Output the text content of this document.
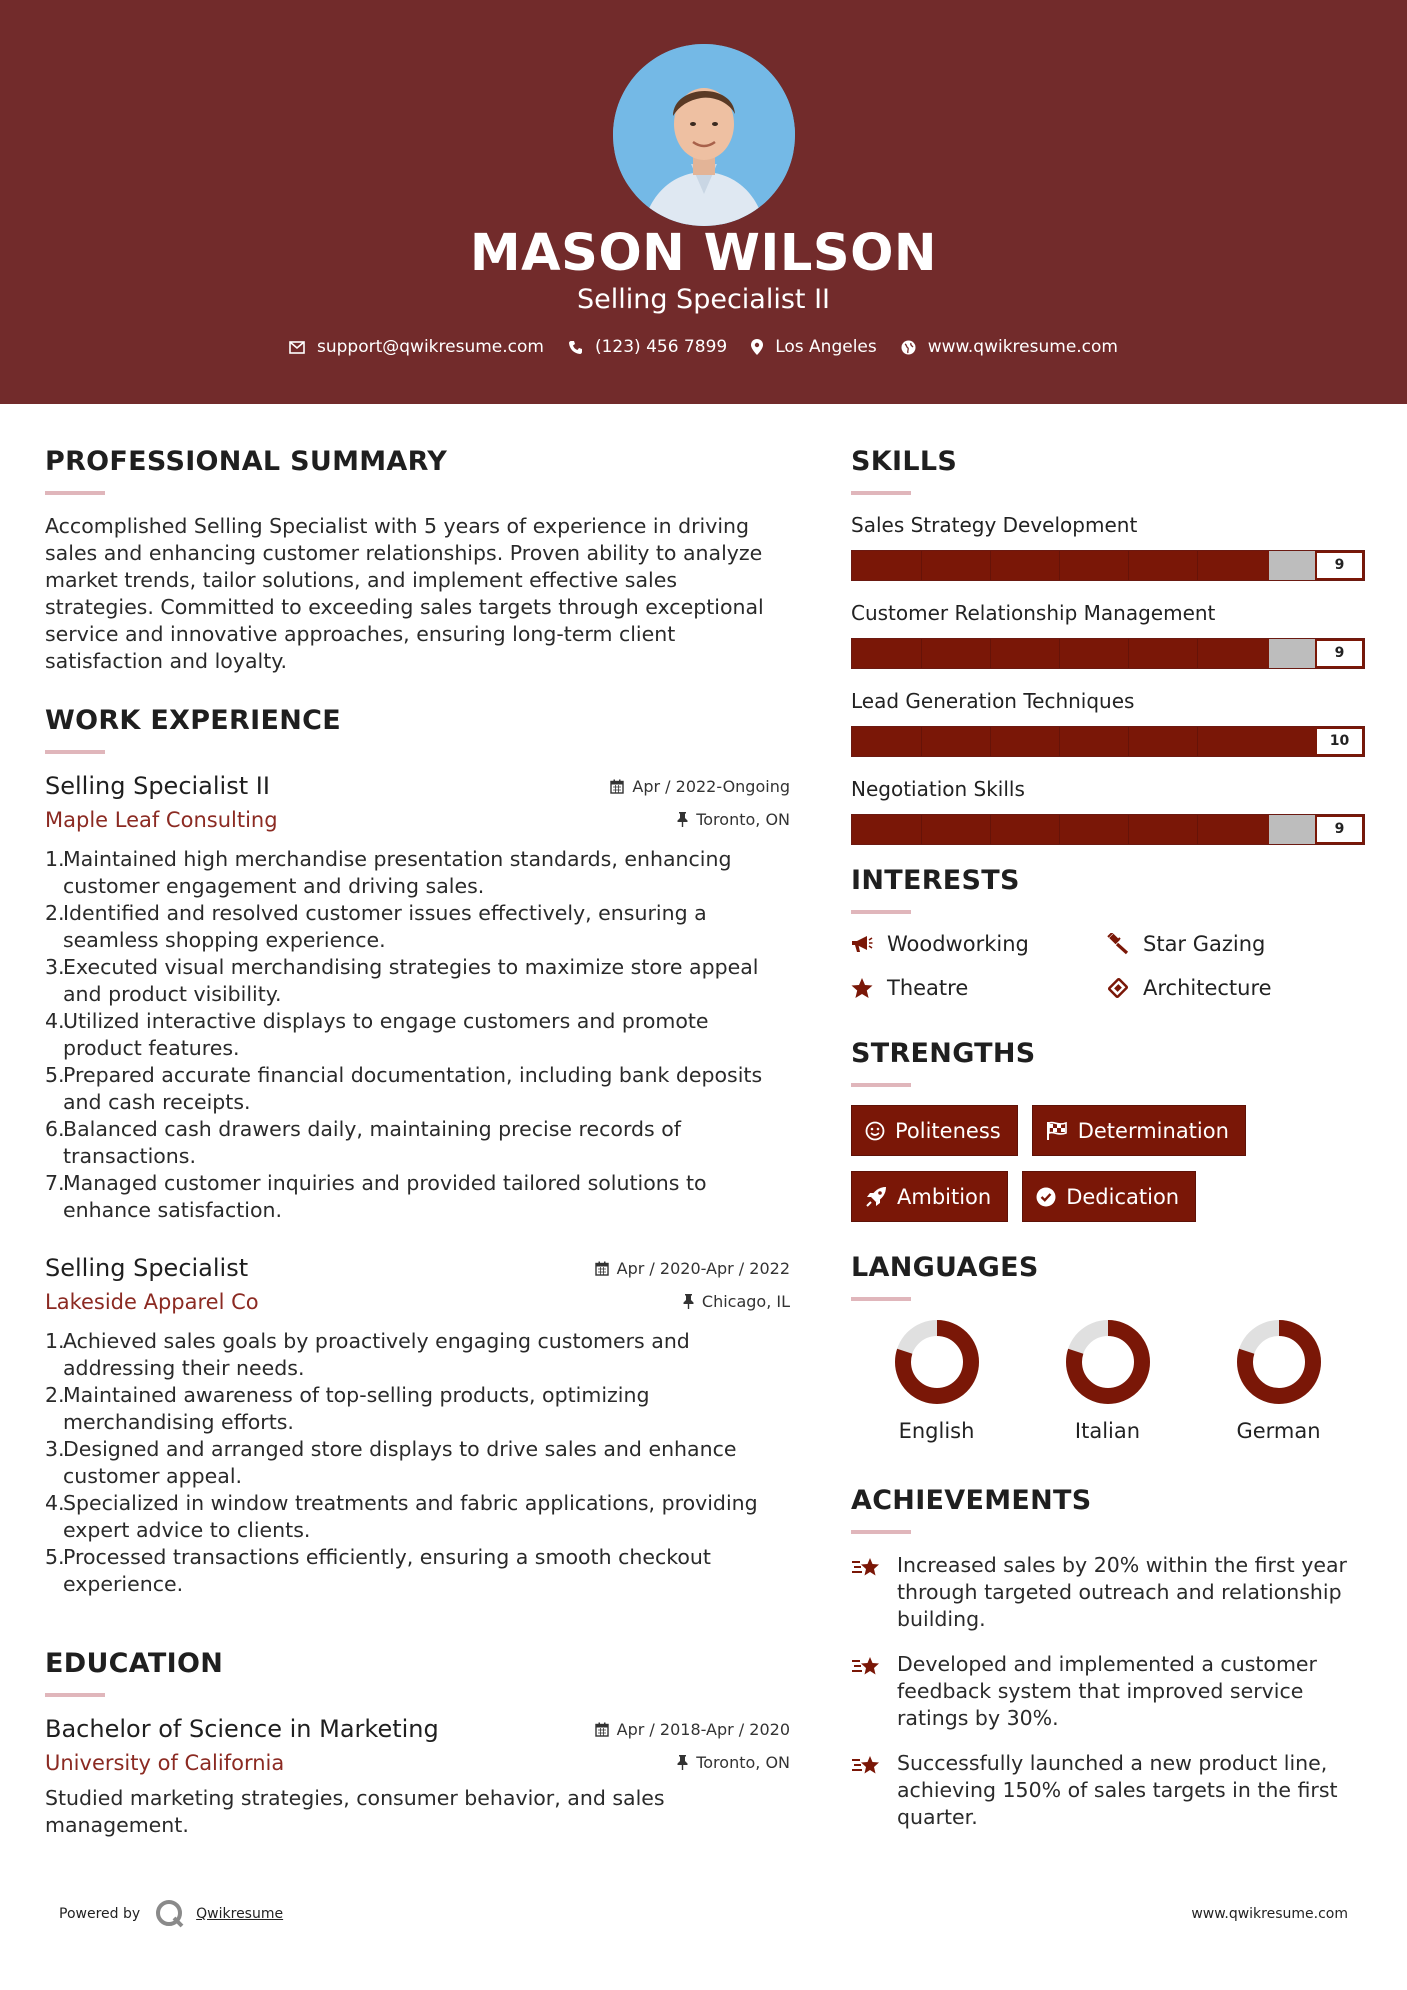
MASON WILSON
Selling Specialist II
support@qwikresume.com	(123) 456 7899	Los Angeles	www.qwikresume.com
PROFESSIONAL SUMMARY
Accomplished Selling Specialist with 5 years of experience in driving sales and enhancing customer relationships. Proven ability to analyze market trends, tailor solutions, and implement effective sales strategies. Committed to exceeding sales targets through exceptional service and innovative approaches, ensuring long-term client satisfaction and loyalty.
WORK EXPERIENCE
Selling Specialist II	Apr / 2022-Ongoing
Maple Leaf Consulting	Toronto, ON
1.
Maintained high merchandise presentation standards, enhancing customer engagement and driving sales.
2.
Identified and resolved customer issues effectively, ensuring a seamless shopping experience.
3.
Executed visual merchandising strategies to maximize store appeal and product visibility.
4.
Utilized interactive displays to engage customers and promote product features.
5.
Prepared accurate financial documentation, including bank deposits and cash receipts.
6.
Balanced cash drawers daily, maintaining precise records of transactions.
7.
Managed customer inquiries and provided tailored solutions to enhance satisfaction.
Selling Specialist	Apr / 2020-Apr / 2022
Lakeside Apparel Co	Chicago, IL
1.
Achieved sales goals by proactively engaging customers and addressing their needs.
2.
Maintained awareness of top-selling products, optimizing merchandising efforts.
3.
Designed and arranged store displays to drive sales and enhance customer appeal.
4.
Specialized in window treatments and fabric applications, providing expert advice to clients.
5.
Processed transactions efficiently, ensuring a smooth checkout experience.
EDUCATION
Bachelor of Science in Marketing	Apr / 2018-Apr / 2020
University of California	Toronto, ON
Studied marketing strategies, consumer behavior, and sales management.
SKILLS
Sales Strategy Development
9
Customer Relationship Management
9
Lead Generation Techniques
10
Negotiation Skills
9
INTERESTS
Woodworking	Star Gazing
Theatre	Architecture
STRENGTHS
Politeness	Determination
Ambition	Dedication
LANGUAGES
English	Italian	German
ACHIEVEMENTS
Increased sales by 20% within the first year through targeted outreach and relationship building.
Developed and implemented a customer feedback system that improved service ratings by 30%.
Successfully launched a new product line, achieving 150% of sales targets in the first quarter.
Powered by	Qwikresume	www.qwikresume.com
